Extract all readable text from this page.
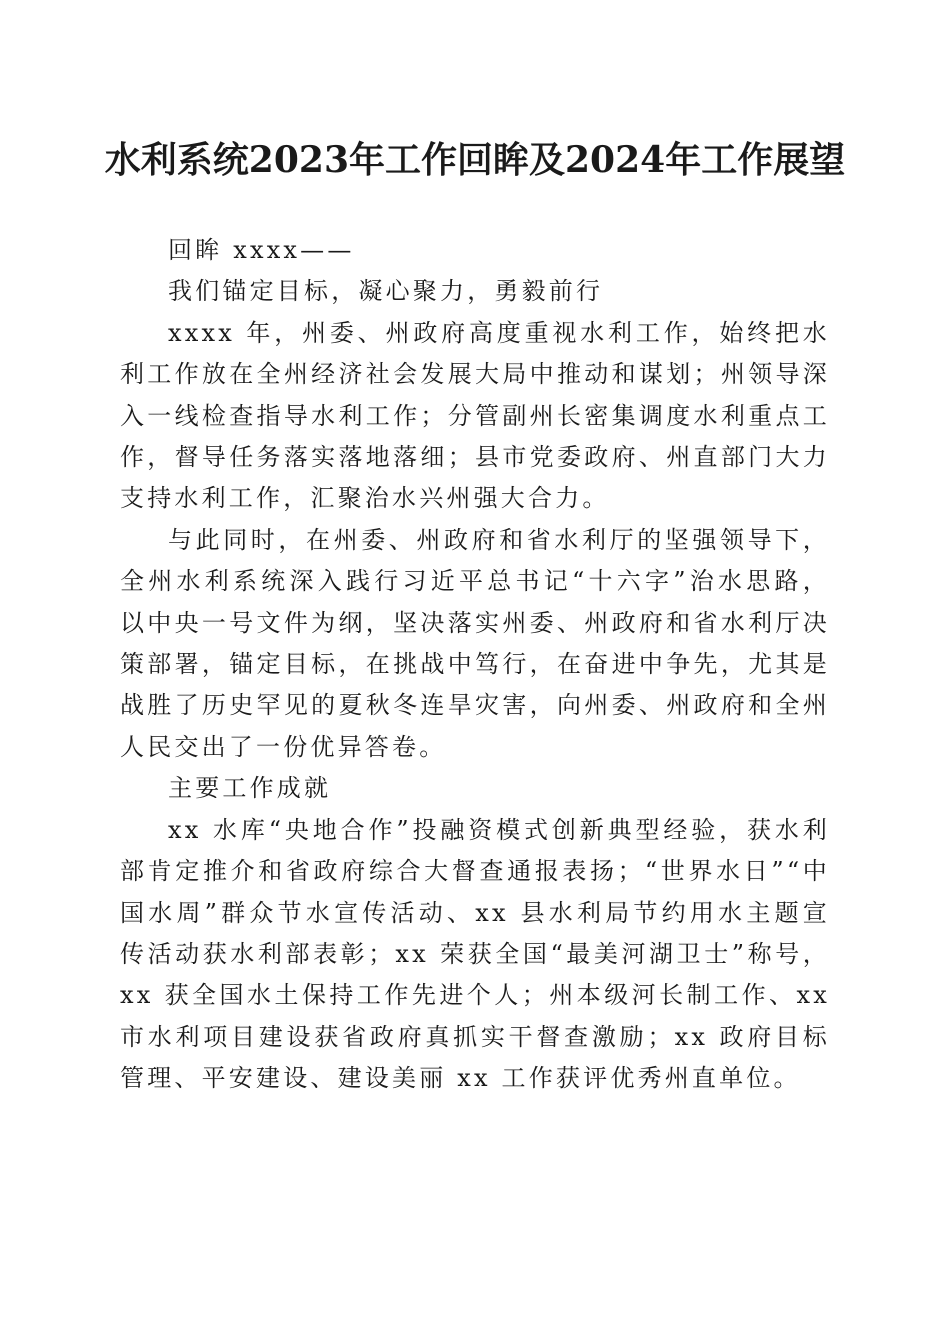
水利系统2023年工作回眸及2024年工作展望

回眸 xxxx——

我们锚定目标，凝心聚力，勇毅前行

xxxx 年，州委、州政府高度重视水利工作，始终把水利工作放在全州经济社会发展大局中推动和谋划；州领导深入一线检查指导水利工作；分管副州长密集调度水利重点工作，督导任务落实落地落细；县市党委政府、州直部门大力支持水利工作，汇聚治水兴州强大合力。

与此同时，在州委、州政府和省水利厅的坚强领导下，全州水利系统深入践行习近平总书记“十六字”治水思路，以中央一号文件为纲，坚决落实州委、州政府和省水利厅决策部署，锚定目标，在挑战中笃行，在奋进中争先，尤其是战胜了历史罕见的夏秋冬连旱灾害，向州委、州政府和全州人民交出了一份优异答卷。

主要工作成就

xx 水库“央地合作”投融资模式创新典型经验，获水利部肯定推介和省政府综合大督查通报表扬；“世界水日”“中国水周”群众节水宣传活动、xx 县水利局节约用水主题宣传活动获水利部表彰；xx 荣获全国“最美河湖卫士”称号，xx 获全国水土保持工作先进个人；州本级河长制工作、xx 市水利项目建设获省政府真抓实干督查激励；xx 政府目标管理、平安建设、建设美丽 xx 工作获评优秀州直单位。
